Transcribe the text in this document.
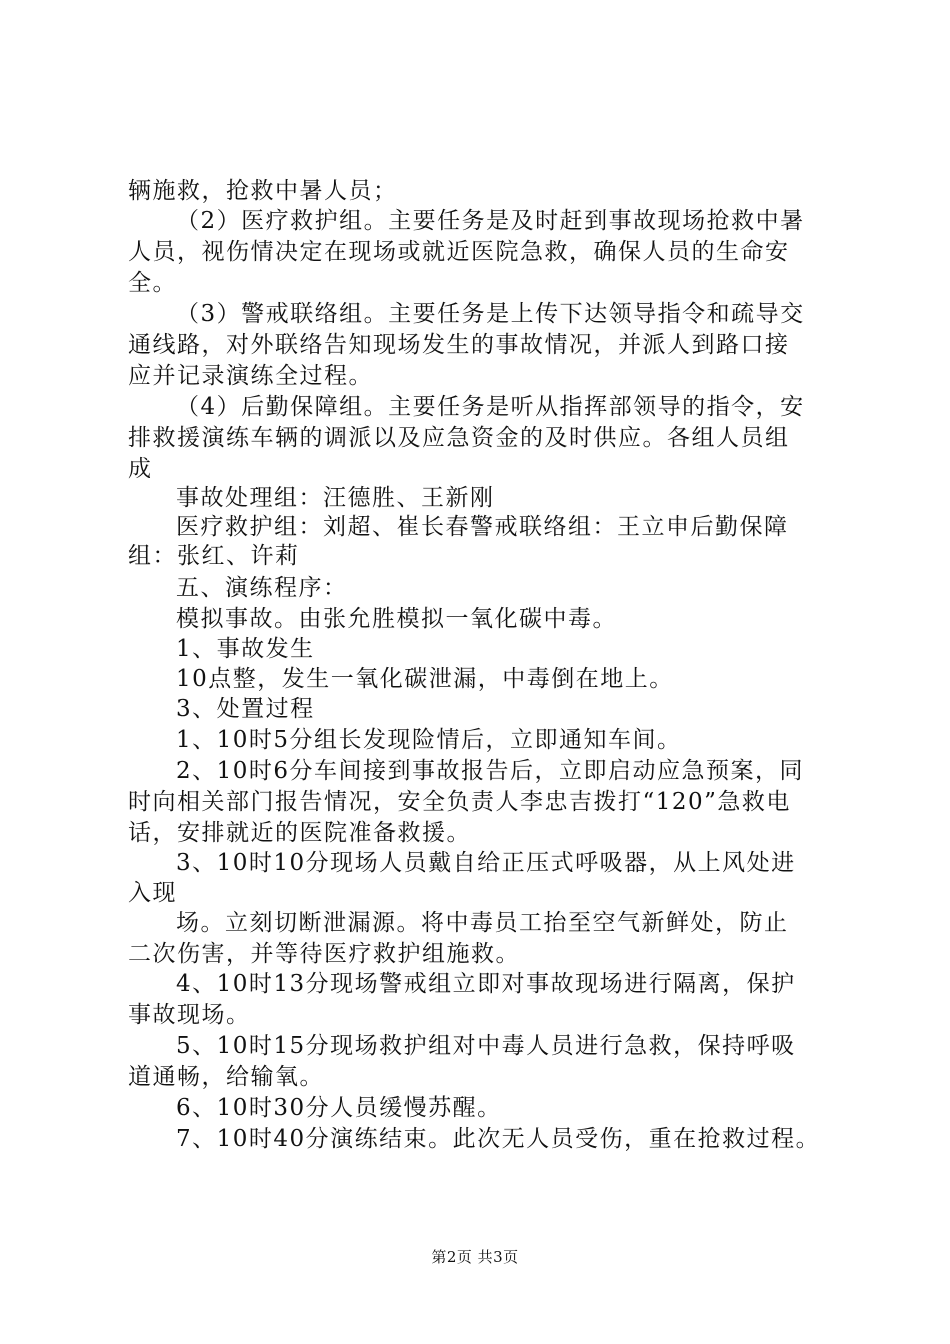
辆施救，抢救中暑人员；
（2）医疗救护组。主要任务是及时赶到事故现场抢救中暑
人员，视伤情决定在现场或就近医院急救，确保人员的生命安
全。
（3）警戒联络组。主要任务是上传下达领导指令和疏导交
通线路，对外联络告知现场发生的事故情况，并派人到路口接
应并记录演练全过程。
（4）后勤保障组。主要任务是听从指挥部领导的指令，安
排救援演练车辆的调派以及应急资金的及时供应。各组人员组
成
事故处理组：汪德胜、王新刚
医疗救护组：刘超、崔长春警戒联络组：王立申后勤保障
组：张红、许莉
五、演练程序：
模拟事故。由张允胜模拟一氧化碳中毒。
1、事故发生
10点整，发生一氧化碳泄漏，中毒倒在地上。
3、处置过程
1、10时5分组长发现险情后，立即通知车间。
2、10时6分车间接到事故报告后，立即启动应急预案，同
时向相关部门报告情况，安全负责人李忠吉拨打“120”急救电
话，安排就近的医院准备救援。
3、10时10分现场人员戴自给正压式呼吸器，从上风处进
入现
场。立刻切断泄漏源。将中毒员工抬至空气新鲜处，防止
二次伤害，并等待医疗救护组施救。
4、10时13分现场警戒组立即对事故现场进行隔离，保护
事故现场。
5、10时15分现场救护组对中毒人员进行急救，保持呼吸
道通畅，给输氧。
6、10时30分人员缓慢苏醒。
7、10时40分演练结束。此次无人员受伤，重在抢救过程。
第2页 共3页
